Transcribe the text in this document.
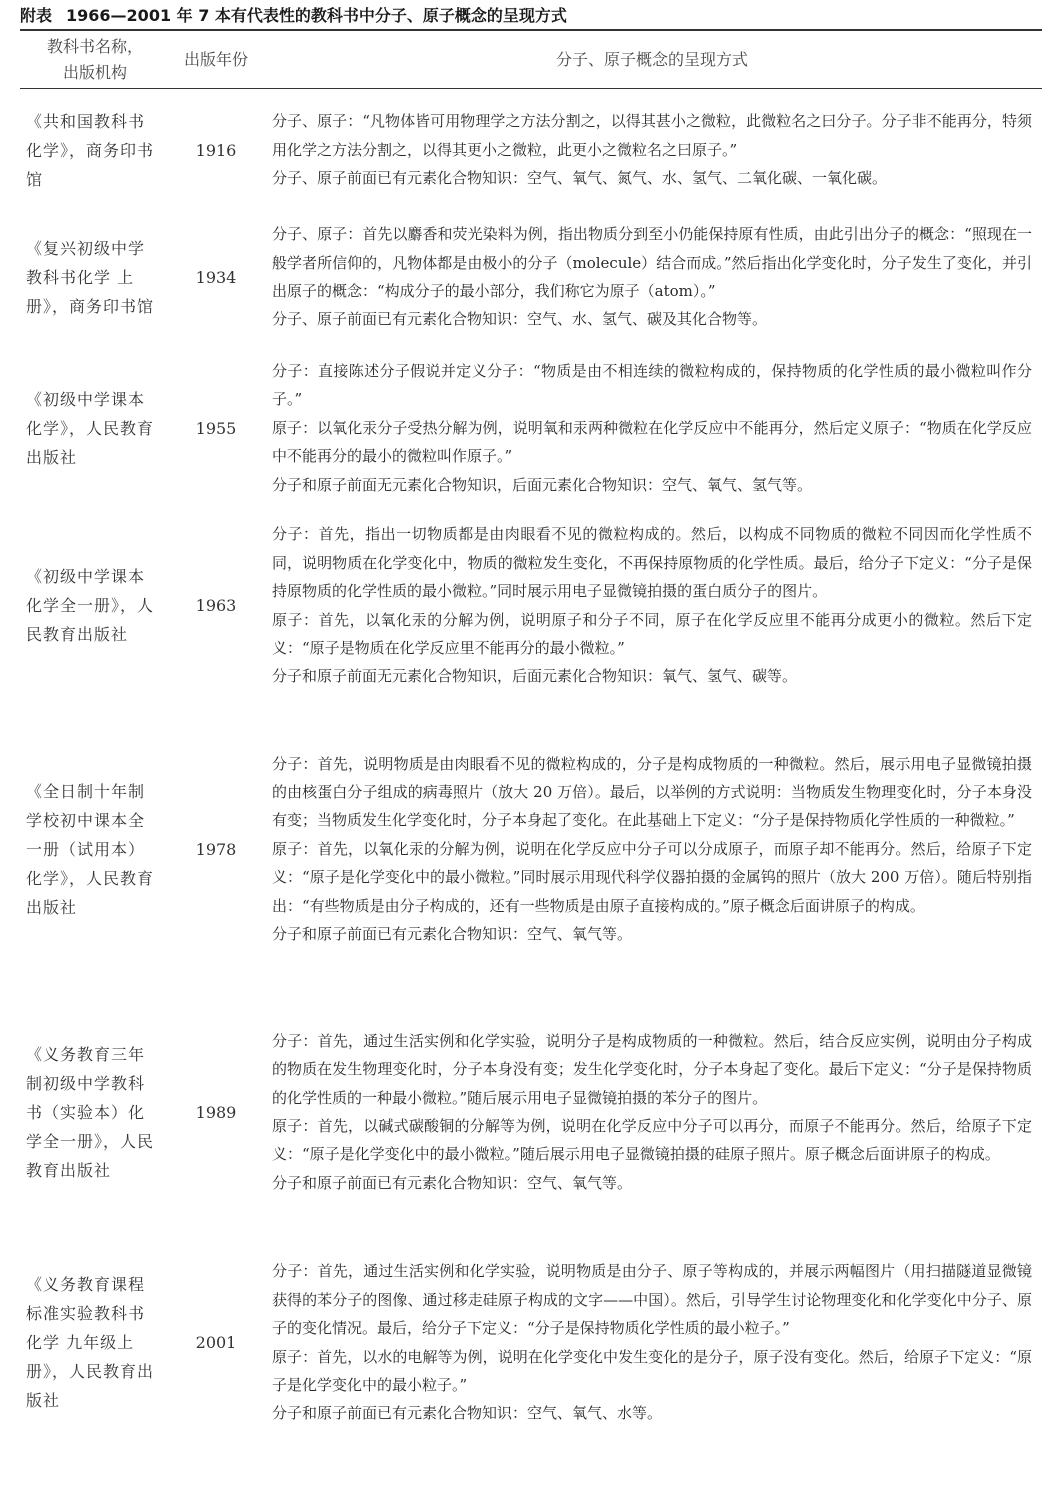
附表 1966—2001 年 7 本有代表性的教科书中分子、原子概念的呈现方式
教科书名称，出版机构
出版年份	分子、原子概念的呈现方式
《共和国教科书化学》，商务印书馆
1916

分子、原子：“凡物体皆可用物理学之方法分割之，以得其甚小之微粒，此微粒名之曰分子。分子非不能再分，特须用化学之方法分割之，以得其更小之微粒，此更小之微粒名之曰原子。”

分子、原子前面已有元素化合物知识：空气、氧气、氮气、水、氢气、二氧化碳、一氧化碳。

《复兴初级中学教科书化学 上册》，商务印书馆
1934

分子、原子：首先以麝香和荧光染料为例，指出物质分到至小仍能保持原有性质，由此引出分子的概念：“照现在一般学者所信仰的，凡物体都是由极小的分子（molecule）结合而成。”然后指出化学变化时，分子发生了变化，并引出原子的概念：“构成分子的最小部分，我们称它为原子（atom）。”

分子、原子前面已有元素化合物知识：空气、水、氢气、碳及其化合物等。

《初级中学课本化学》，人民教育出版社
1955

分子：直接陈述分子假说并定义分子：“物质是由不相连续的微粒构成的，保持物质的化学性质的最小微粒叫作分子。”

原子：以氧化汞分子受热分解为例，说明氧和汞两种微粒在化学反应中不能再分，然后定义原子：“物质在化学反应中不能再分的最小的微粒叫作原子。”

分子和原子前面无元素化合物知识，后面元素化合物知识：空气、氧气、氢气等。

《初级中学课本化学全一册》，人民教育出版社
1963

分子：首先，指出一切物质都是由肉眼看不见的微粒构成的。然后，以构成不同物质的微粒不同因而化学性质不同，说明物质在化学变化中，物质的微粒发生变化，不再保持原物质的化学性质。最后，给分子下定义：“分子是保持原物质的化学性质的最小微粒。”同时展示用电子显微镜拍摄的蛋白质分子的图片。

原子：首先，以氧化汞的分解为例，说明原子和分子不同，原子在化学反应里不能再分成更小的微粒。然后下定义：“原子是物质在化学反应里不能再分的最小微粒。”

分子和原子前面无元素化合物知识，后面元素化合物知识：氧气、氢气、碳等。

《全日制十年制学校初中课本全一册（试用本）化学》，人民教育出版社
1978

分子：首先，说明物质是由肉眼看不见的微粒构成的，分子是构成物质的一种微粒。然后，展示用电子显微镜拍摄的由核蛋白分子组成的病毒照片（放大 20 万倍）。最后，以举例的方式说明：当物质发生物理变化时，分子本身没有变；当物质发生化学变化时，分子本身起了变化。在此基础上下定义：“分子是保持物质化学性质的一种微粒。”

原子：首先，以氧化汞的分解为例，说明在化学反应中分子可以分成原子，而原子却不能再分。然后，给原子下定义：“原子是化学变化中的最小微粒。”同时展示用现代科学仪器拍摄的金属钨的照片（放大 200 万倍）。随后特别指出：“有些物质是由分子构成的，还有一些物质是由原子直接构成的。”原子概念后面讲原子的构成。

分子和原子前面已有元素化合物知识：空气、氧气等。

《义务教育三年制初级中学教科书（实验本）化学全一册》，人民教育出版社
1989

分子：首先，通过生活实例和化学实验，说明分子是构成物质的一种微粒。然后，结合反应实例，说明由分子构成的物质在发生物理变化时，分子本身没有变；发生化学变化时，分子本身起了变化。最后下定义：“分子是保持物质的化学性质的一种最小微粒。”随后展示用电子显微镜拍摄的苯分子的图片。

原子：首先，以碱式碳酸铜的分解等为例，说明在化学反应中分子可以再分，而原子不能再分。然后，给原子下定义：“原子是化学变化中的最小微粒。”随后展示用电子显微镜拍摄的硅原子照片。原子概念后面讲原子的构成。

分子和原子前面已有元素化合物知识：空气、氧气等。

《义务教育课程标准实验教科书 化学 九年级上册》，人民教育出版社
2001

分子：首先，通过生活实例和化学实验，说明物质是由分子、原子等构成的，并展示两幅图片（用扫描隧道显微镜获得的苯分子的图像、通过移走硅原子构成的文字——中国）。然后，引导学生讨论物理变化和化学变化中分子、原子的变化情况。最后，给分子下定义：“分子是保持物质化学性质的最小粒子。”

原子：首先，以水的电解等为例，说明在化学变化中发生变化的是分子，原子没有变化。然后，给原子下定义：“原子是化学变化中的最小粒子。”

分子和原子前面已有元素化合物知识：空气、氧气、水等。
